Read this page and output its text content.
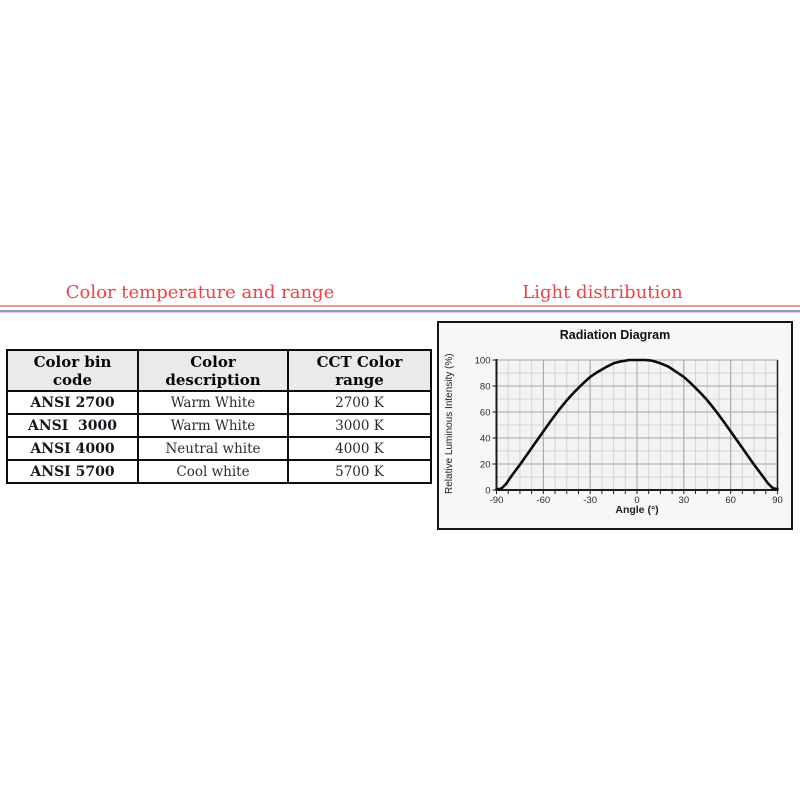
Color temperature and range	Light distribution
Color bin code	Color description	CCT Color range
ANSI 2700	Warm White	2700 K
ANSI  3000	Warm White	3000 K
ANSI 4000	Neutral white	4000 K
ANSI 5700	Cool white	5700 K
-90	-60	-30	0	30	60	90
0
20
40
60
80
100
Radiation Diagram
Relative Luminous Intensity (%)
Angle (°)
